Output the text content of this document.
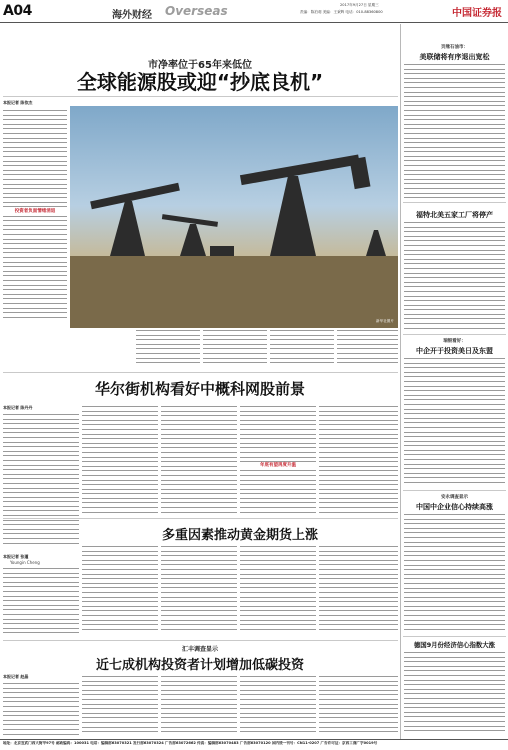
A04	海外财经 Overseas	2017年9月27日 星期三
责编：陈泊莉 美编：王秉辉 电话：010-88360800	中国证券报
市净率位于65年来低位
全球能源股或迎“抄底良机”
本报记者 陈依杰
投资者负面情绪消退
新华社图片
华尔街机构看好中概科网股前景
本报记者 陈丹丹
年底有望再度升温
多重因素推动黄金期货上涨
本报记者 张瑾
Youngin Cheng
汇丰调查显示
近七成机构投资者计划增加低碳投资
本报记者 赵晶
页缘石油市：
美联储将有序退出宽松
福特北美五家工厂将停产
瑞银看好：
中企开于投资美日及东盟
安永调查显示
中国中企业信心持续高涨
德国9月份经济信心指数大涨
地址：北京宣武门西大街甲97号 邮政编码：100031 电话：编辑部63070321 发行部63070324 广告部63072662 传真：编辑部63070483 广告部63070120 国内统一刊号：CN11-0207 广告许可证：京西工商广字0019号
